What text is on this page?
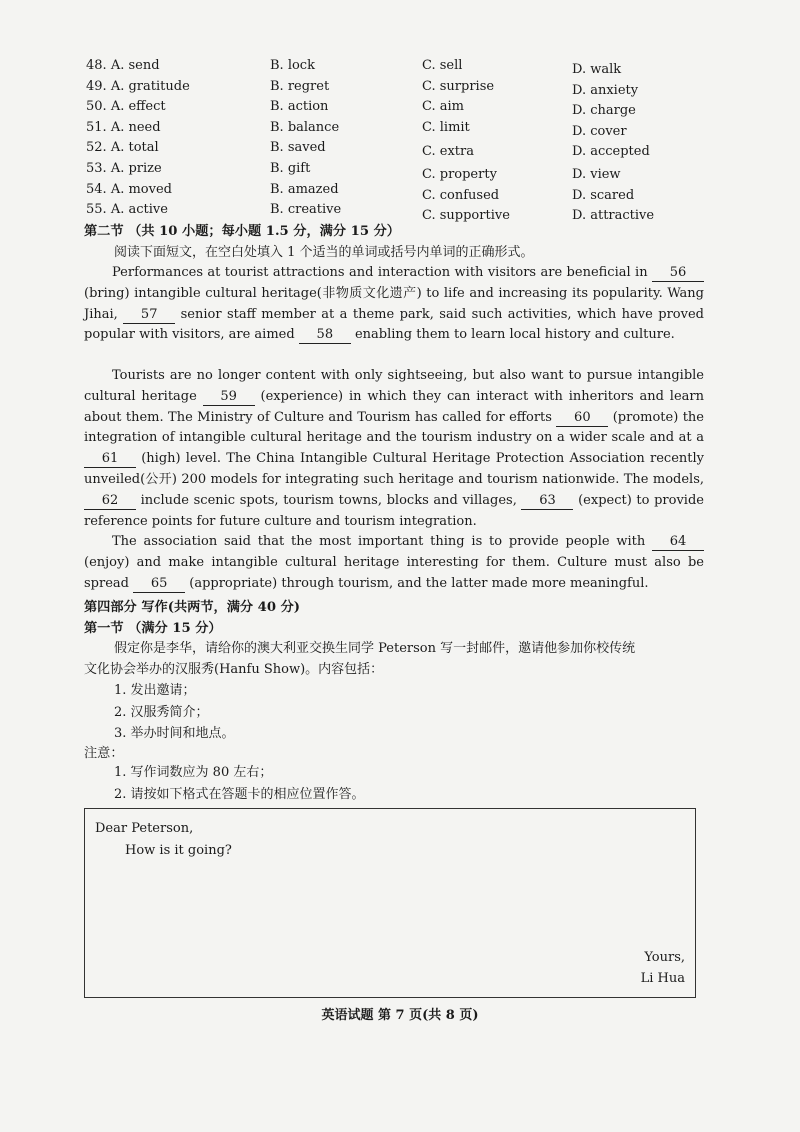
48. A. send	B. lock	C. sell	D. walk
49. A. gratitude	B. regret	C. surprise	D. anxiety
50. A. effect	B. action	C. aim	D. charge
51. A. need	B. balance	C. limit	D. cover
52. A. total	B. saved	C. extra	D. accepted
53. A. prize	B. gift	C. property	D. view
54. A. moved	B. amazed	C. confused	D. scared
55. A. active	B. creative	C. supportive	D. attractive
第二节 （共 10 小题；每小题 1.5 分，满分 15 分）
阅读下面短文，在空白处填入 1 个适当的单词或括号内单词的正确形式。
Performances at tourist attractions and interaction with visitors are beneficial in 56 (bring) intangible cultural heritage(非物质文化遗产) to life and increasing its popularity. Wang Jihai, 57 senior staff member at a theme park, said such activities, which have proved popular with visitors, are aimed 58 enabling them to learn local history and culture.
Tourists are no longer content with only sightseeing, but also want to pursue intangible cultural heritage 59 (experience) in which they can interact with inheritors and learn about them. The Ministry of Culture and Tourism has called for efforts 60 (promote) the integration of intangible cultural heritage and the tourism industry on a wider scale and at a 61 (high) level. The China Intangible Cultural Heritage Protection Association recently unveiled(公开) 200 models for integrating such heritage and tourism nationwide. The models, 62 include scenic spots, tourism towns, blocks and villages, 63 (expect) to provide reference points for future culture and tourism integration.
The association said that the most important thing is to provide people with 64 (enjoy) and make intangible cultural heritage interesting for them. Culture must also be spread 65 (appropriate) through tourism, and the latter made more meaningful.
第四部分 写作(共两节，满分 40 分)
第一节 （满分 15 分）
假定你是李华，请给你的澳大利亚交换生同学 Peterson 写一封邮件，邀请他参加你校传统
文化协会举办的汉服秀(Hanfu Show)。内容包括：
1. 发出邀请；
2. 汉服秀简介；
3. 举办时间和地点。
注意：
1. 写作词数应为 80 左右；
2. 请按如下格式在答题卡的相应位置作答。
Dear Peterson,
How is it going?
Yours,
Li Hua
英语试题 第 7 页(共 8 页)
